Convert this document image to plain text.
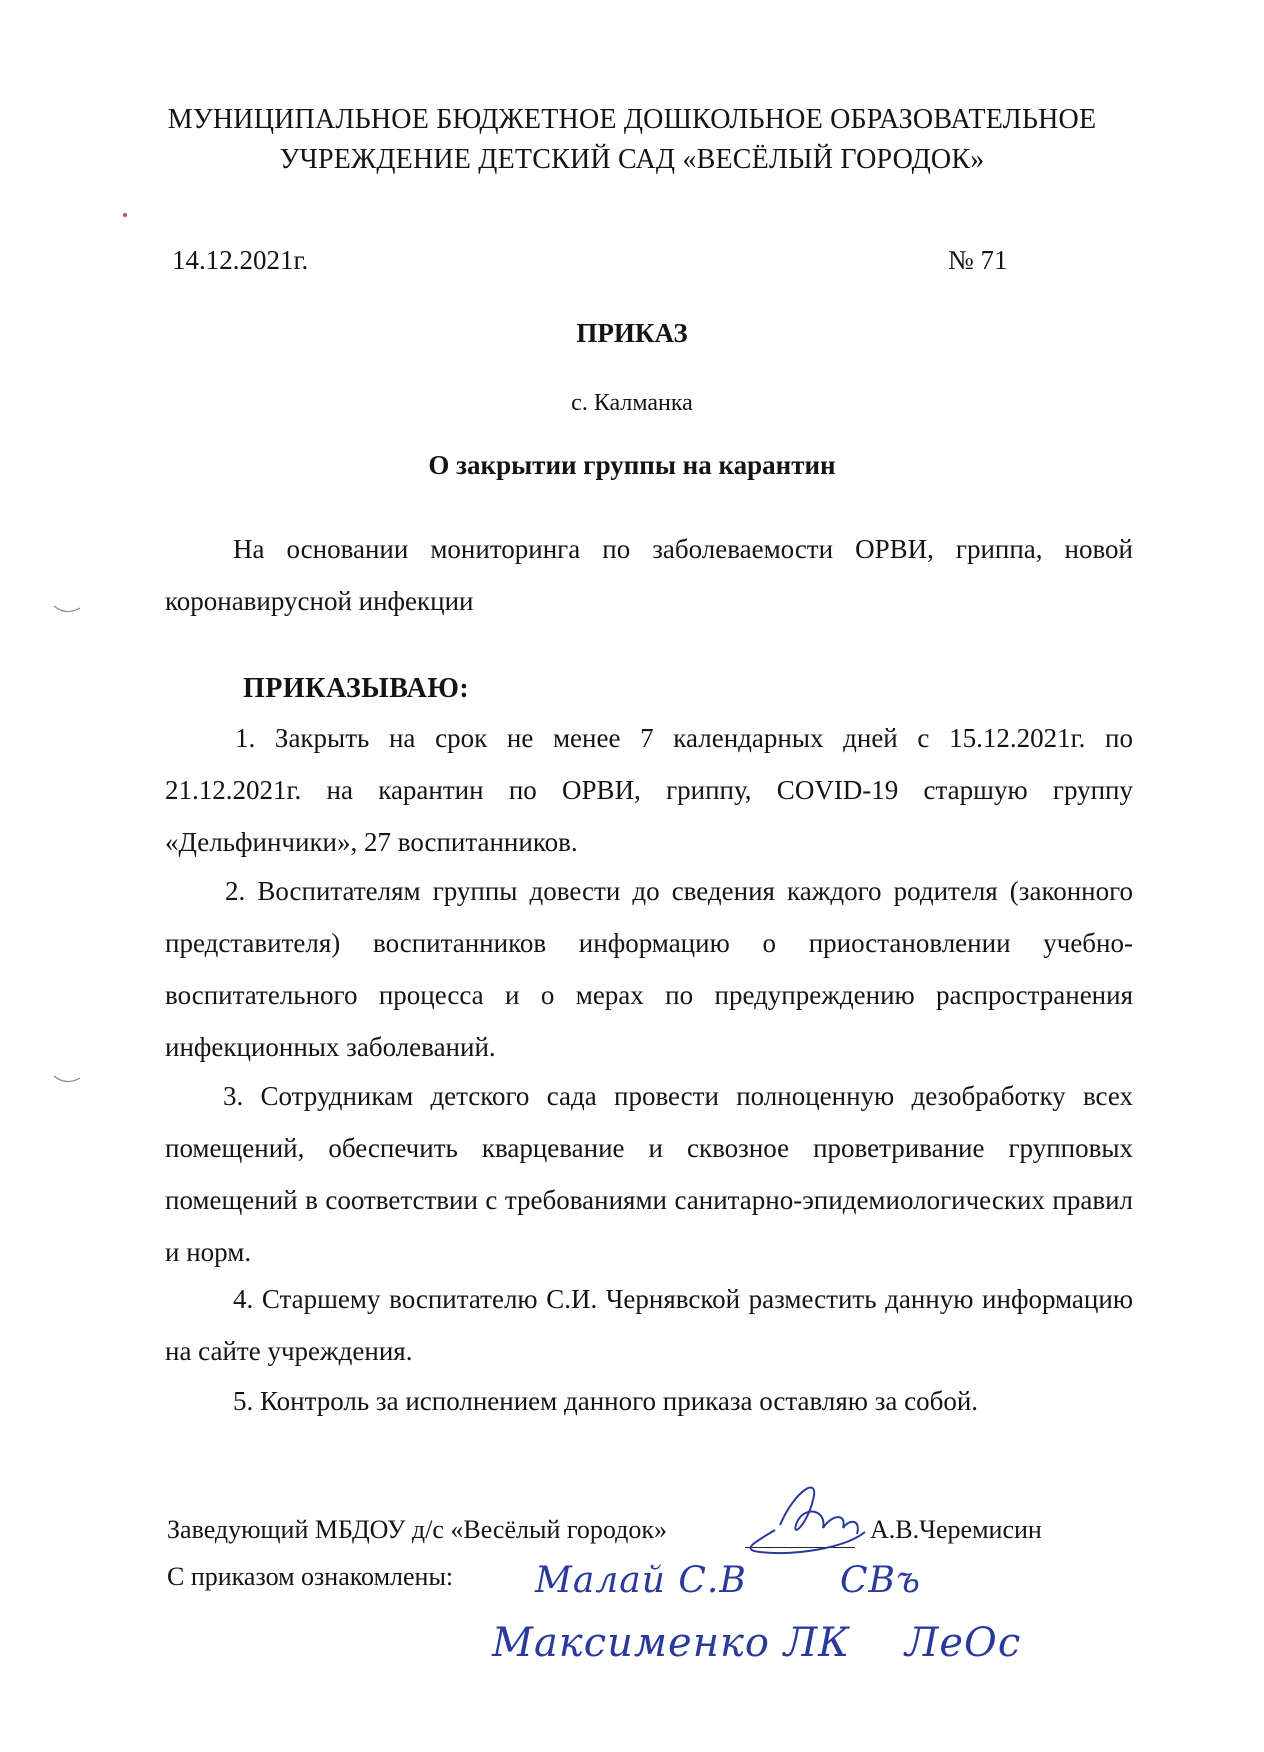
МУНИЦИПАЛЬНОЕ БЮДЖЕТНОЕ ДОШКОЛЬНОЕ ОБРАЗОВАТЕЛЬНОЕ
УЧРЕЖДЕНИЕ ДЕТСКИЙ САД «ВЕСЁЛЫЙ ГОРОДОК»
14.12.2021г.	№ 71
ПРИКАЗ
с. Калманка
О закрытии группы на карантин
На основании мониторинга по заболеваемости ОРВИ, гриппа, новой коронавирусной инфекции
ПРИКАЗЫВАЮ:
1. Закрыть на срок не менее 7 календарных дней с 15.12.2021г. по 21.12.2021г. на карантин по ОРВИ, гриппу, COVID-19 старшую группу «Дельфинчики», 27 воспитанников.
2. Воспитателям группы довести до сведения каждого родителя (законного представителя) воспитанников информацию о приостановлении учебно-воспитательного процесса и о мерах по предупреждению распространения инфекционных заболеваний.
3. Сотрудникам детского сада провести полноценную дезобработку всех помещений, обеспечить кварцевание и сквозное проветривание групповых помещений в соответствии с требованиями санитарно-эпидемиологических правил и норм.
4. Старшему воспитателю С.И. Чернявской разместить данную информацию на сайте учреждения.
5. Контроль за исполнением данного приказа оставляю за собой.
Заведующий МБДОУ д/с «Весёлый городок»	А.В.Черемисин
С приказом ознакомлены: Малай С.В	СВъ
Максименко ЛК ЛеОс
